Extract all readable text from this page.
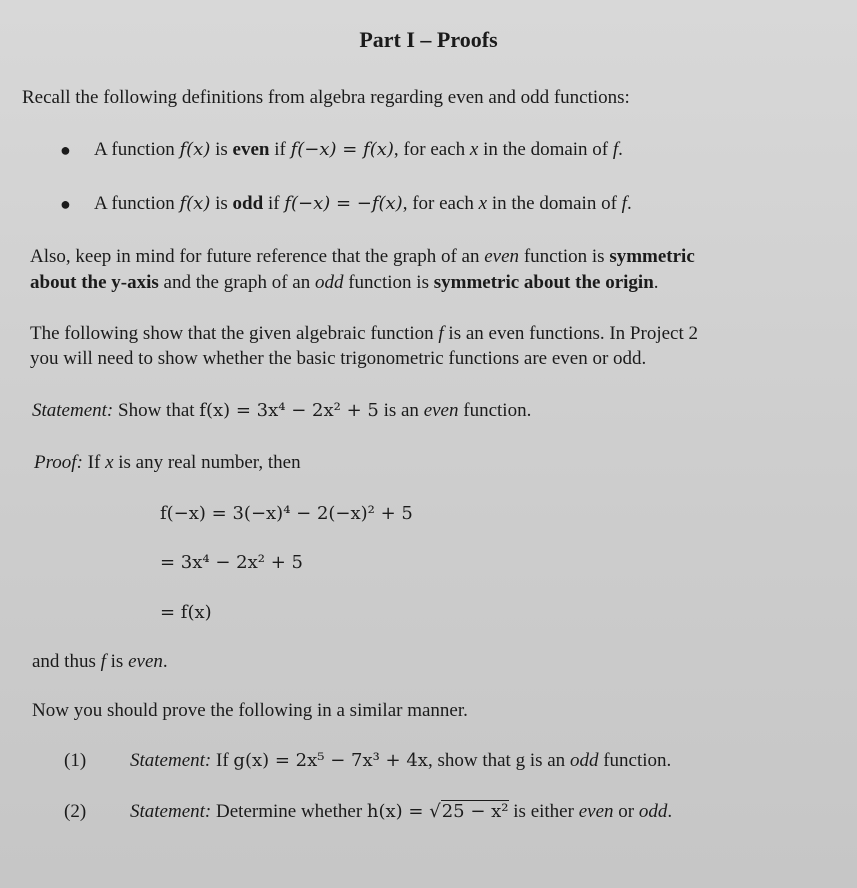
Part I – Proofs
Recall the following definitions from algebra regarding even and odd functions:
● A function f(x) is even if f(−x) = f(x), for each x in the domain of f.
● A function f(x) is odd if f(−x) = −f(x), for each x in the domain of f.
Also, keep in mind for future reference that the graph of an even function is symmetric
about the y-axis and the graph of an odd function is symmetric about the origin.
The following show that the given algebraic function f is an even functions. In Project 2
you will need to show whether the basic trigonometric functions are even or odd.
Statement: Show that f(x) = 3x⁴ − 2x² + 5 is an even function.
Proof: If x is any real number, then
f(−x) = 3(−x)⁴ − 2(−x)² + 5
= 3x⁴ − 2x² + 5
= f(x)
and thus f is even.
Now you should prove the following in a similar manner.
(1) Statement: If g(x) = 2x⁵ − 7x³ + 4x, show that g is an odd function.
(2) Statement: Determine whether h(x) = √25 − x² is either even or odd.
